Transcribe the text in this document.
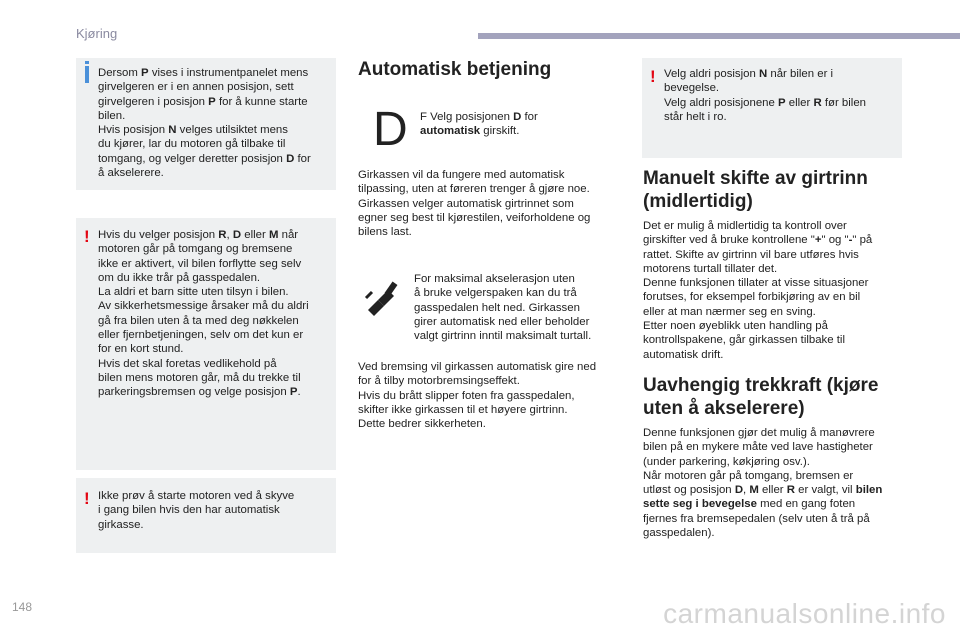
Kjøring
Dersom P vises i instrumentpanelet mens
girvelgeren er i en annen posisjon, sett
girvelgeren i posisjon P for å kunne starte
bilen.
Hvis posisjon N velges utilsiktet mens
du kjører, lar du motoren gå tilbake til
tomgang, og velger deretter posisjon D for
å akselerere.
! Hvis du velger posisjon R, D eller M når
motoren går på tomgang og bremsene
ikke er aktivert, vil bilen forflytte seg selv
om du ikke trår på gasspedalen.
La aldri et barn sitte uten tilsyn i bilen.
Av sikkerhetsmessige årsaker må du aldri
gå fra bilen uten å ta med deg nøkkelen
eller fjernbetjeningen, selv om det kun er
for en kort stund.
Hvis det skal foretas vedlikehold på
bilen mens motoren går, må du trekke til
parkeringsbremsen og velge posisjon P.
! Ikke prøv å starte motoren ved å skyve
i gang bilen hvis den har automatisk
girkasse.
Automatisk betjening
D F Velg posisjonen D for
automatisk girskift.
Girkassen vil da fungere med automatisk
tilpassing, uten at føreren trenger å gjøre noe.
Girkassen velger automatisk girtrinnet som
egner seg best til kjørestilen, veiforholdene og
bilens last.
For maksimal akselerasjon uten
å bruke velgerspaken kan du trå
gasspedalen helt ned. Girkassen
girer automatisk ned eller beholder
valgt girtrinn inntil maksimalt turtall.
Ved bremsing vil girkassen automatisk gire ned
for å tilby motorbremsingseffekt.
Hvis du brått slipper foten fra gasspedalen,
skifter ikke girkassen til et høyere girtrinn.
Dette bedrer sikkerheten.
! Velg aldri posisjon N når bilen er i
bevegelse.
Velg aldri posisjonene P eller R før bilen
står helt i ro.
Manuelt skifte av girtrinn
(midlertidig)
Det er mulig å midlertidig ta kontroll over
girskifter ved å bruke kontrollene "+" og "-" på
rattet. Skifte av girtrinn vil bare utføres hvis
motorens turtall tillater det.
Denne funksjonen tillater at visse situasjoner
forutses, for eksempel forbikjøring av en bil
eller at man nærmer seg en sving.
Etter noen øyeblikk uten handling på
kontrollspakene, går girkassen tilbake til
automatisk drift.
Uavhengig trekkraft (kjøre
uten å akselerere)
Denne funksjonen gjør det mulig å manøvrere
bilen på en mykere måte ved lave hastigheter
(under parkering, køkjøring osv.).
Når motoren går på tomgang, bremsen er
utløst og posisjon D, M eller R er valgt, vil bilen
sette seg i bevegelse med en gang foten
fjernes fra bremsepedalen (selv uten å trå på
gasspedalen).
148	carmanualsonline.info
